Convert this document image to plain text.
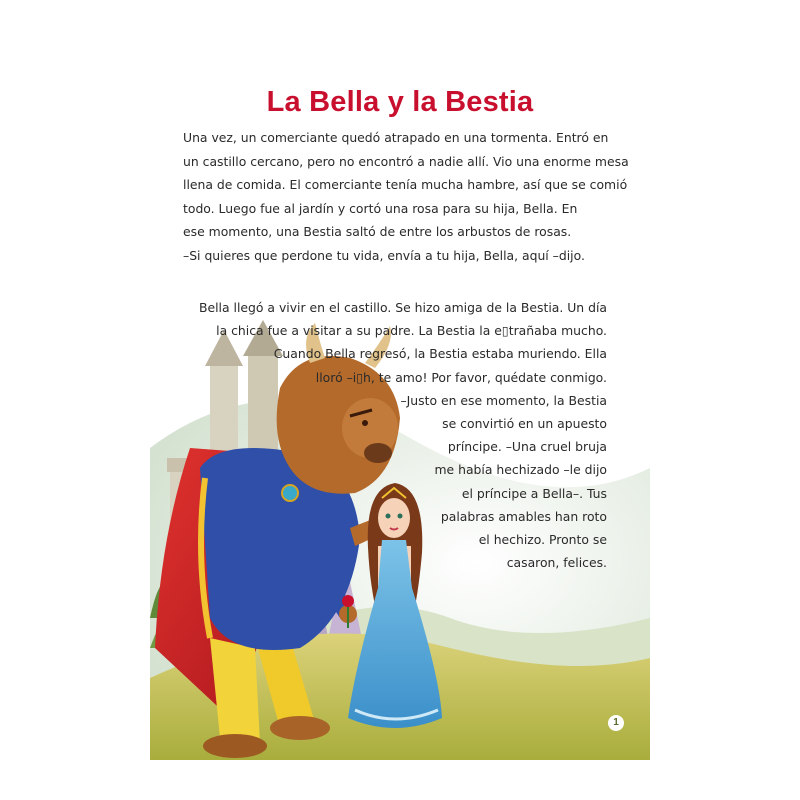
La Bella y la Bestia
Una vez, un comerciante quedó atrapado en una tormenta. Entró en
un castillo cercano, pero no encontró a nadie allí. Vio una enorme mesa
llena de comida. El comerciante tenía mucha hambre, así que se comió
todo. Luego fue al jardín y cortó una rosa para su hija, Bella. En
ese momento, una Bestia saltó de entre los arbustos de rosas.
–Si quieres que perdone tu vida, envía a tu hija, Bella, aquí –dijo.
Bella llegó a vivir en el castillo. Se hizo amiga de la Bestia. Un día
la chica fue a visitar a su padre. La Bestia la e▯trañaba mucho.
Cuando Bella regresó, la Bestia estaba muriendo. Ella
lloró –i▯h, te amo! Por favor, quédate conmigo.
–Justo en ese momento, la Bestia
se convirtió en un apuesto
príncipe. –Una cruel bruja
me había hechizado –le dijo
el príncipe a Bella–. Tus
palabras amables han roto
el hechizo. Pronto se
casaron, felices.
1
